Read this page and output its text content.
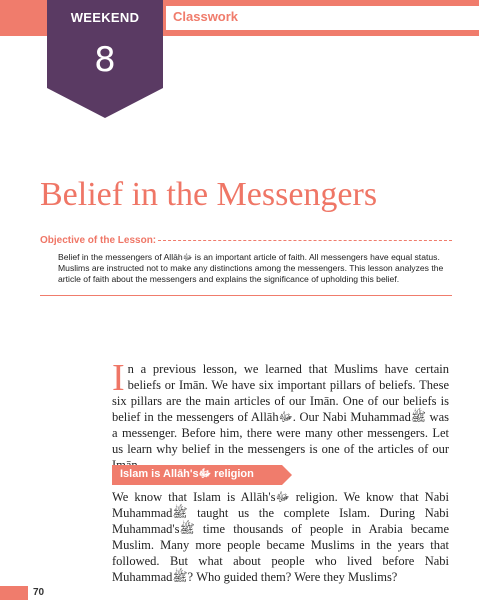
Classwork
WEEKEND
8
Belief in the Messengers
Objective of the Lesson:
Belief in the messengers of Allāhﷻ is an important article of faith. All messengers have equal status. Muslims are instructed not to make any distinctions among the messengers. This lesson analyzes the article of faith about the messengers and explains the significance of upholding this belief.
In a previous lesson, we learned that Muslims have certain beliefs or Imān. We have six important pillars of beliefs. These six pillars are the main articles of our Imān. One of our beliefs is belief in the messengers of Allāhﷻ. Our Nabi Muhammadﷺ was a messenger. Before him, there were many other messengers. Let us learn why belief in the messengers is one of the articles of our
Islam is Allāh'sﷻ religion
We know that Islam is Allāh'sﷻ religion. We know that Nabi Muhammadﷺ taught us the complete Islam. During Nabi Muhammad'sﷺ time thousands of people in Arabia became Muslim. Many more people became Muslims in the years that followed. But what about people who lived before Nabi Muhammadﷺ? Who guided them? Were they Muslims?
70
